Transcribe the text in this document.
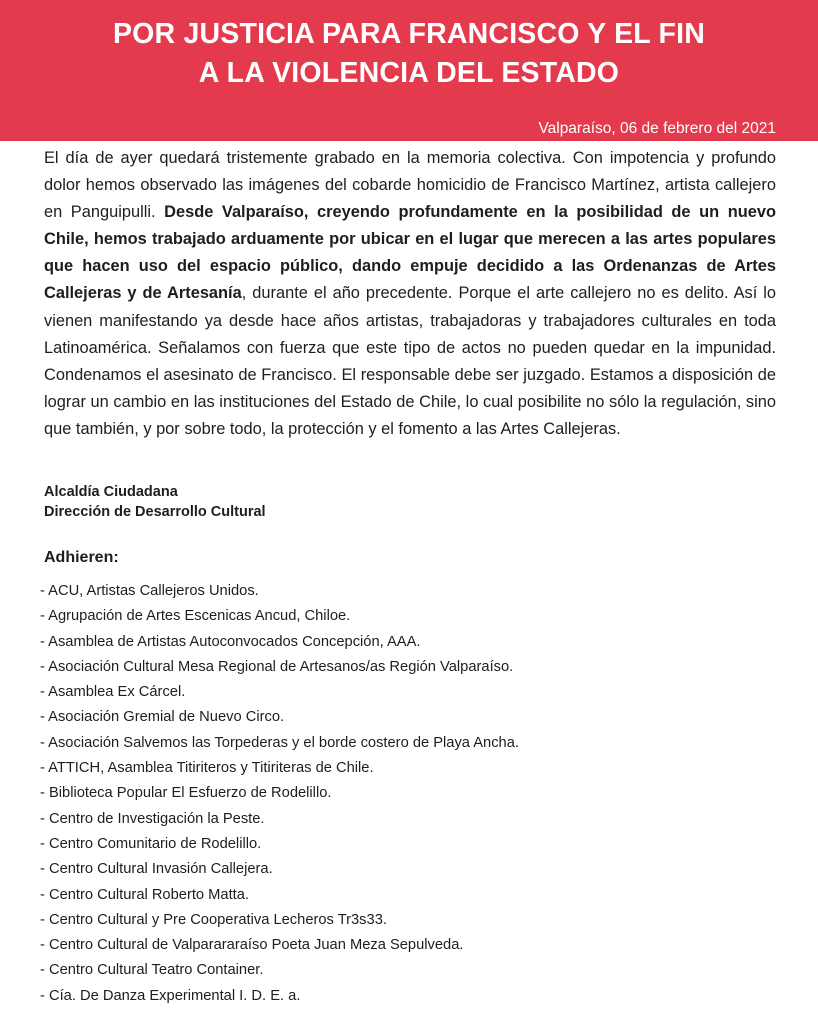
POR JUSTICIA PARA FRANCISCO Y EL FIN
A LA VIOLENCIA DEL ESTADO
Valparaíso, 06 de febrero del 2021
El día de ayer quedará tristemente grabado en la memoria colectiva. Con impotencia y profundo dolor hemos observado las imágenes del cobarde homicidio de Francisco Martínez, artista callejero en Panguipulli. Desde Valparaíso, creyendo profundamente en la posibilidad de un nuevo Chile, hemos trabajado arduamente por ubicar en el lugar que merecen a las artes populares que hacen uso del espacio público, dando empuje decidido a las Ordenanzas de Artes Callejeras y de Artesanía, durante el año precedente. Porque el arte callejero no es delito. Así lo vienen manifestando ya desde hace años artistas, trabajadoras y trabajadores culturales en toda Latinoamérica. Señalamos con fuerza que este tipo de actos no pueden quedar en la impunidad. Condenamos el asesinato de Francisco. El responsable debe ser juzgado. Estamos a disposición de lograr un cambio en las instituciones del Estado de Chile, lo cual posibilite no sólo la regulación, sino que también, y por sobre todo, la protección y el fomento a las Artes Callejeras.
Alcaldía Ciudadana
Dirección de Desarrollo Cultural
Adhieren:
- ACU, Artistas Callejeros Unidos.
- Agrupación de Artes Escenicas Ancud, Chiloe.
- Asamblea de Artistas Autoconvocados Concepción, AAA.
- Asociación Cultural Mesa Regional de Artesanos/as Región Valparaíso.
- Asamblea Ex Cárcel.
- Asociación Gremial de Nuevo Circo.
- Asociación Salvemos las Torpederas y el borde costero de Playa Ancha.
- ATTICH, Asamblea Titiriteros y Titiriteras de Chile.
- Biblioteca Popular El Esfuerzo de Rodelillo.
- Centro de Investigación la Peste.
- Centro Comunitario de Rodelillo.
- Centro Cultural Invasión Callejera.
- Centro Cultural Roberto Matta.
- Centro Cultural y Pre Cooperativa Lecheros Tr3s33.
- Centro Cultural de Valparararaíso Poeta Juan Meza Sepulveda.
- Centro Cultural Teatro Container.
- Cía. De Danza Experimental I. D. E. a.
